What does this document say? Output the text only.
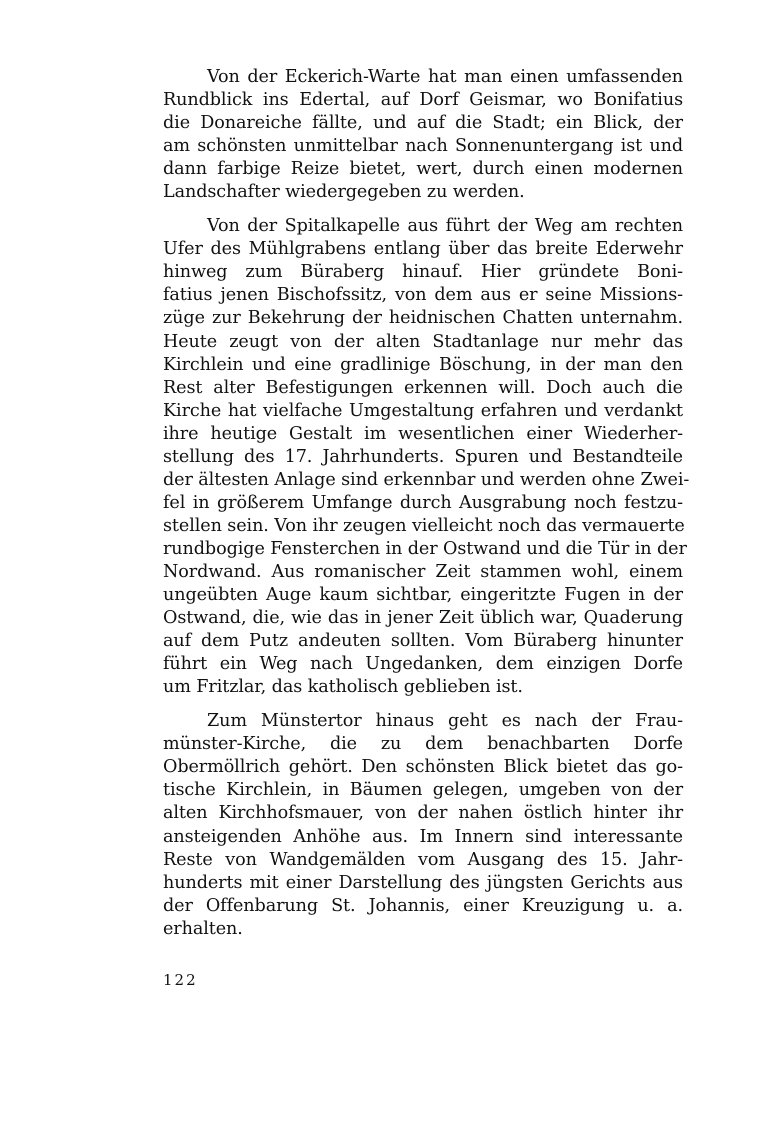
Von der Eckerich-Warte hat man einen umfassenden
Rundblick ins Edertal, auf Dorf Geismar, wo Bonifatius
die Donareiche fällte, und auf die Stadt; ein Blick, der
am schönsten unmittelbar nach Sonnenuntergang ist und
dann farbige Reize bietet, wert, durch einen modernen
Landschafter wiedergegeben zu werden.

Von der Spitalkapelle aus führt der Weg am rechten
Ufer des Mühlgrabens entlang über das breite Ederwehr
hinweg zum Büraberg hinauf. Hier gründete Boni-
fatius jenen Bischofssitz, von dem aus er seine Missions-
züge zur Bekehrung der heidnischen Chatten unternahm.
Heute zeugt von der alten Stadtanlage nur mehr das
Kirchlein und eine gradlinige Böschung, in der man den
Rest alter Befestigungen erkennen will. Doch auch die
Kirche hat vielfache Umgestaltung erfahren und verdankt
ihre heutige Gestalt im wesentlichen einer Wiederher-
stellung des 17. Jahrhunderts. Spuren und Bestandteile
der ältesten Anlage sind erkennbar und werden ohne Zwei-
fel in größerem Umfange durch Ausgrabung noch festzu-
stellen sein. Von ihr zeugen vielleicht noch das vermauerte
rundbogige Fensterchen in der Ostwand und die Tür in der
Nordwand. Aus romanischer Zeit stammen wohl, einem
ungeübten Auge kaum sichtbar, eingeritzte Fugen in der
Ostwand, die, wie das in jener Zeit üblich war, Quaderung
auf dem Putz andeuten sollten. Vom Büraberg hinunter
führt ein Weg nach Ungedanken, dem einzigen Dorfe
um Fritzlar, das katholisch geblieben ist.

Zum Münstertor hinaus geht es nach der Frau-
münster-Kirche, die zu dem benachbarten Dorfe
Obermöllrich gehört. Den schönsten Blick bietet das go-
tische Kirchlein, in Bäumen gelegen, umgeben von der
alten Kirchhofsmauer, von der nahen östlich hinter ihr
ansteigenden Anhöhe aus. Im Innern sind interessante
Reste von Wandgemälden vom Ausgang des 15. Jahr-
hunderts mit einer Darstellung des jüngsten Gerichts aus
der Offenbarung St. Johannis, einer Kreuzigung u. a.
erhalten.

122
